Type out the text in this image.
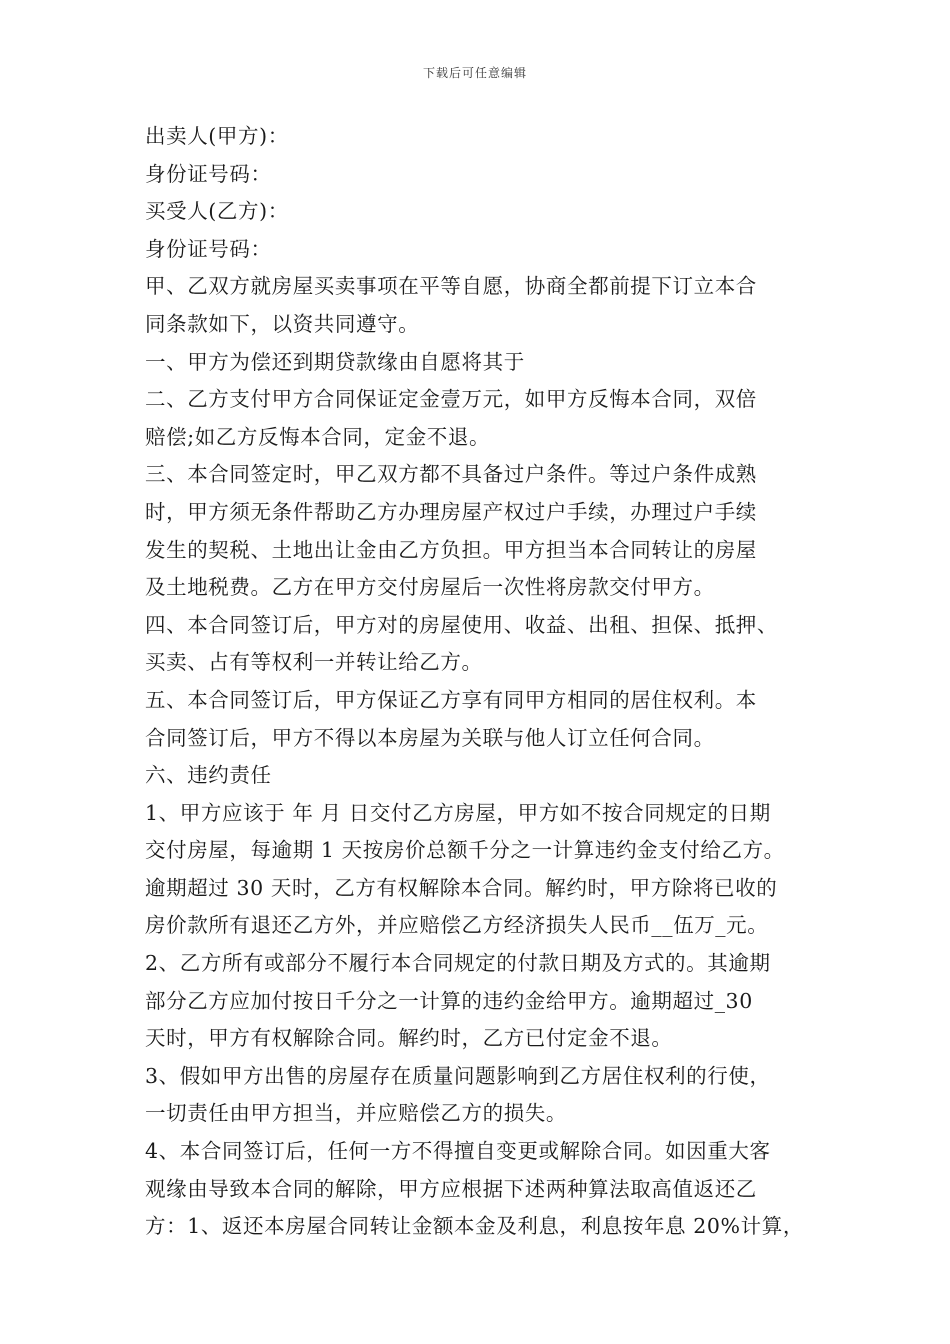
下载后可任意编辑
出卖人(甲方)：
身份证号码：
买受人(乙方)：
身份证号码：
甲、乙双方就房屋买卖事项在平等自愿，协商全都前提下订立本合
同条款如下，以资共同遵守。
一、甲方为偿还到期贷款缘由自愿将其于
二、乙方支付甲方合同保证定金壹万元，如甲方反悔本合同，双倍
赔偿;如乙方反悔本合同，定金不退。
三、本合同签定时，甲乙双方都不具备过户条件。等过户条件成熟
时，甲方须无条件帮助乙方办理房屋产权过户手续，办理过户手续
发生的契税、土地出让金由乙方负担。甲方担当本合同转让的房屋
及土地税费。乙方在甲方交付房屋后一次性将房款交付甲方。
四、本合同签订后，甲方对的房屋使用、收益、出租、担保、抵押、
买卖、占有等权利一并转让给乙方。
五、本合同签订后，甲方保证乙方享有同甲方相同的居住权利。本
合同签订后，甲方不得以本房屋为关联与他人订立任何合同。
六、违约责任
1、甲方应该于 年 月 日交付乙方房屋，甲方如不按合同规定的日期
交付房屋，每逾期 1 天按房价总额千分之一计算违约金支付给乙方。
逾期超过 30 天时，乙方有权解除本合同。解约时，甲方除将已收的
房价款所有退还乙方外，并应赔偿乙方经济损失人民币__伍万_元。
2、乙方所有或部分不履行本合同规定的付款日期及方式的。其逾期
部分乙方应加付按日千分之一计算的违约金给甲方。逾期超过_30
天时，甲方有权解除合同。解约时，乙方已付定金不退。
3、假如甲方出售的房屋存在质量问题影响到乙方居住权利的行使，
一切责任由甲方担当，并应赔偿乙方的损失。
4、本合同签订后，任何一方不得擅自变更或解除合同。如因重大客
观缘由导致本合同的解除，甲方应根据下述两种算法取高值返还乙
方：1、返还本房屋合同转让金额本金及利息，利息按年息 20%计算，
